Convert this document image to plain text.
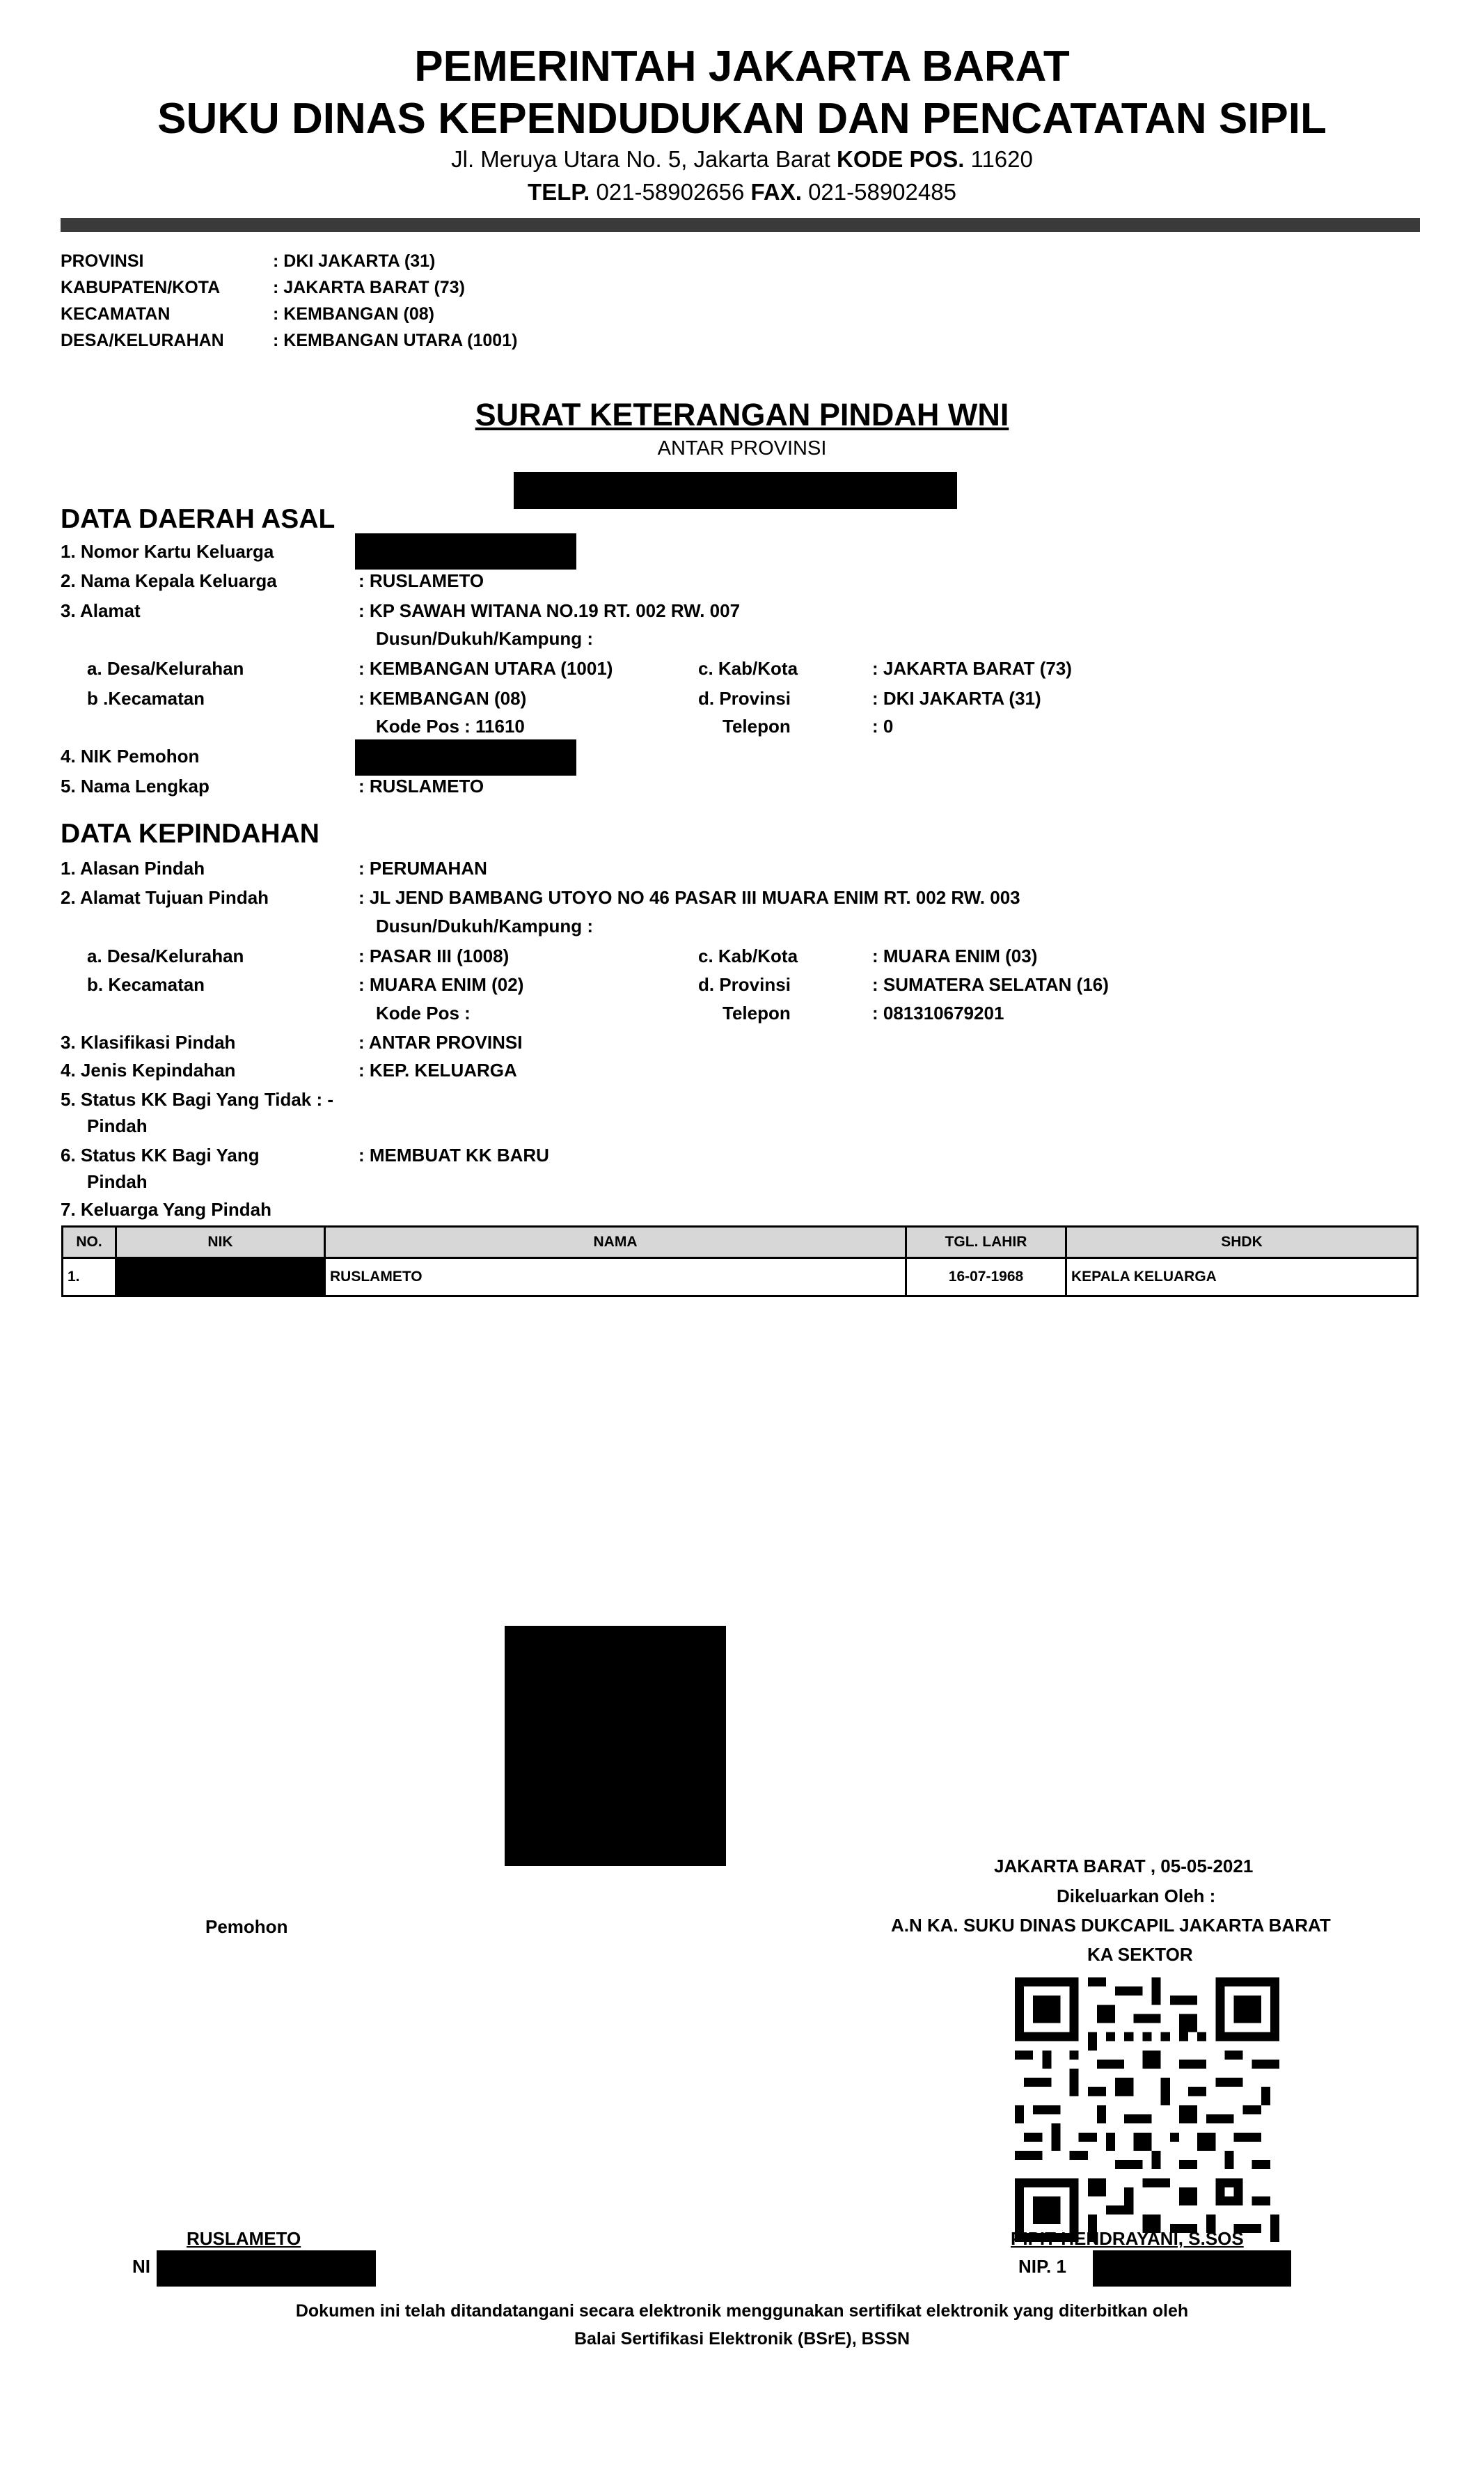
PEMERINTAH JAKARTA BARAT
SUKU DINAS KEPENDUDUKAN DAN PENCATATAN SIPIL
Jl. Meruya Utara No. 5, Jakarta Barat KODE POS. 11620
TELP. 021-58902656 FAX. 021-58902485
PROVINSI	: DKI JAKARTA (31)
KABUPATEN/KOTA	: JAKARTA BARAT (73)
KECAMATAN	: KEMBANGAN (08)
DESA/KELURAHAN	: KEMBANGAN UTARA (1001)
SURAT KETERANGAN PINDAH WNI
ANTAR PROVINSI
DATA DAERAH ASAL
1. Nomor Kartu Keluarga
2. Nama Kepala Keluarga	: RUSLAMETO
3. Alamat	: KP SAWAH WITANA NO.19 RT. 002 RW. 007
Dusun/Dukuh/Kampung :
a. Desa/Kelurahan	: KEMBANGAN UTARA (1001)	c. Kab/Kota	: JAKARTA BARAT (73)
b .Kecamatan	: KEMBANGAN (08)	d. Provinsi	: DKI JAKARTA (31)
Kode Pos : 11610	Telepon	: 0
4. NIK Pemohon
5. Nama Lengkap	: RUSLAMETO
DATA KEPINDAHAN
1. Alasan Pindah	: PERUMAHAN
2. Alamat Tujuan Pindah	: JL JEND BAMBANG UTOYO NO 46 PASAR III MUARA ENIM RT. 002 RW. 003
Dusun/Dukuh/Kampung :
a. Desa/Kelurahan	: PASAR III (1008)	c. Kab/Kota	: MUARA ENIM (03)
b. Kecamatan	: MUARA ENIM (02)	d. Provinsi	: SUMATERA SELATAN (16)
Kode Pos :	Telepon	: 081310679201
3. Klasifikasi Pindah	: ANTAR PROVINSI
4. Jenis Kepindahan	: KEP. KELUARGA
5. Status KK Bagi Yang Tidak : -
Pindah
6. Status KK Bagi Yang	: MEMBUAT KK BARU
Pindah
7. Keluarga Yang Pindah
NO.	NIK	NAMA	TGL. LAHIR	SHDK
1.		RUSLAMETO	16-07-1968	KEPALA KELUARGA
JAKARTA BARAT , 05-05-2021
Dikeluarkan Oleh :
A.N KA. SUKU DINAS DUKCAPIL JAKARTA BARAT
KA SEKTOR
Pemohon
RUSLAMETO
NI
PIPIT HENDRAYANI, S.SOS
NIP. 1
Dokumen ini telah ditandatangani secara elektronik menggunakan sertifikat elektronik yang diterbitkan oleh
Balai Sertifikasi Elektronik (BSrE), BSSN
